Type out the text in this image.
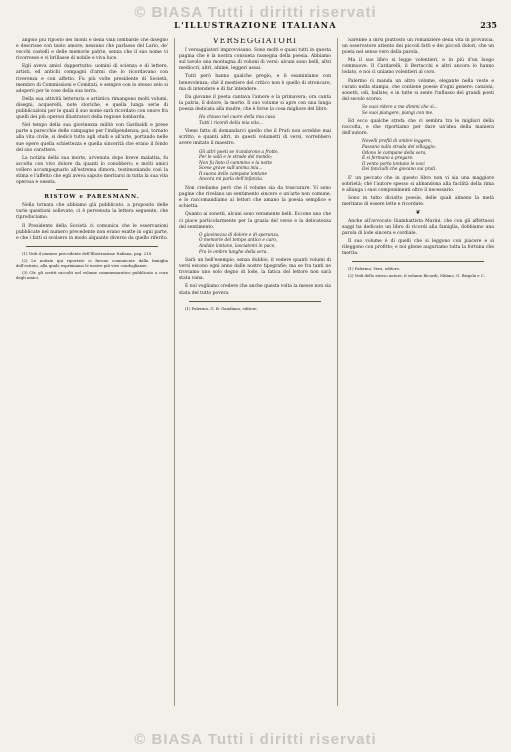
© BIASA Tutti i diritti riservati
L'ILLUSTRAZIONE ITALIANA	235

angolo più riposto dei monti e della valli lombarde che disegnò e descrisse con tanto amore; nessuno che parlasse del Lario, de' vecchi castelli e delle memorie patrie, senza che il suo nome vi ricorresse e vi brillasse di nobile e viva luce.

Egli aveva amici dappertutto: uomini di scienza e di lettere, artisti, ed antichi compagni d'armi che lo ricordavano con riverenza e con affetto. Fu più volte presidente di Società, membro di Commissioni e Comitati, e sempre con lo stesso zelo si adoperò per le cose della sua terra.

Della sua attività letteraria e artistica rimangono molti volumi, disegni, acquerelli, note storiche, e quella lunga serie di pubblicazioni per le quali il suo nome sarà ricordato con onore fra quelli dei più operosi illustratori della regione lombarda.

Nel tempo della sua giovinezza militò con Garibaldi e prese parte a parecchie delle campagne per l'indipendenza; poi, tornato alla vita civile, si dedicò tutto agli studi e all'arte, portando nelle sue opere quella schiettezza e quella sincerità che erano il fondo del suo carattere.

La notizia della sua morte, avvenuta dopo breve malattia, fu accolta con vivo dolore da quanti lo conobbero; e molti amici vollero accompagnarlo all'estrema dimora, testimoniando così la stima e l'affetto che egli aveva saputo meritarsi in tutta la sua vita operosa e onesta.

RISTOW e PARESMANN.

Nella tornata che abbiamo già pubblicato, a proposito delle varie questioni sollevate, ci è pervenuta la lettera seguente, che riproduciamo.

Il Presidente della Società ci comunica che le osservazioni pubblicate nel numero precedente non erano esatte in ogni parte, e che i fatti si svolsero in modo alquanto diverso da quello riferito.

(1) Vedi il numero precedente dell'Illustrazione Italiana, pag. 210.

(2) Le notizie qui riportate ci furono comunicate dalla famiglia dell'estinto, alla quale esprimiamo le nostre più vive condoglianze.

(3) Cfr. gli scritti raccolti nel volume commemorativo pubblicato a cura degli amici.

VERSEGGIATORI

I versaggiatori improvvisano. Sono molti e quasi tutti in questa pagina che è la nostra consueta rassegna della poesia. Abbiamo sul tavolo una montagna di volumi di versi: alcuni sono belli, altri mediocri, altri, ahimè, leggeri assai.

Tutti però hanno qualche pregio, e li esaminiamo con benevolenza; ché il mestiere del critico non è quello di stroncare, ma di intendere e di far intendere.

Da giovane il poeta cantava l'amore e la primavera; ora canta la patria, il dolore, la morte. Il suo volume si apre con una lunga poesia dedicata alla madre, che è forse la cosa migliore del libro.

Ho chiuso nel cuore della mia casa
Tutti i ricordi della mia vita...

Viene fatto di domandarci quello che il Prati non avrebbe mai scritto, e quanti altri, in questi volumetti di versi, vorrebbero avere imitato il maestro.

Gli altri poeti se n'andarono a frotte,
Per le valli e le strade del mondo;
Non fu lieto il cammino e la notte
Scese grave sull'anima mia...
Il suono delle campane lontane
Ancora mi parla dell'infanzia.

Non crediamo però che il volume sia da trascurare. Vi sono pagine che rivelano un sentimento sincero e un'arte non comune, e lo raccomandiamo ai lettori che amano la poesia semplice e schietta.

Quanto ai sonetti, alcuni sono veramente belli. Eccone uno che ci piace particolarmente per la grazia del verso e la delicatezza del sentimento.

O giovinezza di dolore e di speranza,
O memorie del tempo antico e caro,
Andate lontano, lasciatemi in pace,
Fra le ombre lunghe della sera.

Sarà un bell'esempio, senza dubbio, il vedere quanti volumi di versi escono ogni anno dalle nostre tipografie; ma se fra tanti ne troviamo uno solo degno di lode, la fatica del lettore non sarà stata vana.

E noi vogliamo credere che anche questa volta la messe non sia stata del tutto povera.

(1) Palermo, G. B. Gaudiano, editore.

Sarebbe a dirsi piuttosto un romanziere della vita di provincia, un osservatore attento dei piccoli fatti e dei piccoli dolori, che un poeta nel senso vero della parola.

Ma il suo libro si legge volentieri, e in più d'un luogo commuove. Il Cardarelli, il Bertacchi e altri ancora lo hanno lodato, e noi ci uniamo volentieri al coro.

Palermo ci manda un altro volume, elegante nella veste e curato nella stampa, che contiene poesie d'ogni genere: canzoni, sonetti, odi, ballate; e in tutte si sente l'influsso dei grandi poeti del secolo scorso.

Se vuoi ridere a me dimmi che sì...
Se vuoi piangere, piangi con me.

Ed ecco qualche strofa che ci sembra tra le migliori della raccolta, e che riportiamo per dare un'idea della maniera dell'autore.

Novelli profili di ombre leggere,
Passano sulla strada del villaggio;
Odono le campane della sera,
E si fermano a pregare.
Il vento porta lontano le voci
Dei fanciulli che giocano sui prati.

E' un peccato che in questo libro non vi sia una maggiore sobrietà; ché l'autore spesso si abbandona alla facilità della rima e allunga i suoi componimenti oltre il necessario.

Sono in tutto diciotto poesie, delle quali almeno la metà meritano di essere lette e ricordate.

❦

Anche all'avvocato Giambattista Marini, che con gli affettuosi saggi ha dedicato un libro di ricordi alla famiglia, dobbiamo una parola di lode sincera e cordiale.

Il suo volume è di quelli che si leggono con piacere e si rileggono con profitto; e noi gliene auguriamo tutta la fortuna che merita.

(1) Palermo, Vera, editore.

(2) Vedi dello stesso autore, il volume Ricordi, Milano, G. Brigola e C.

© BIASA Tutti i diritti riservati
